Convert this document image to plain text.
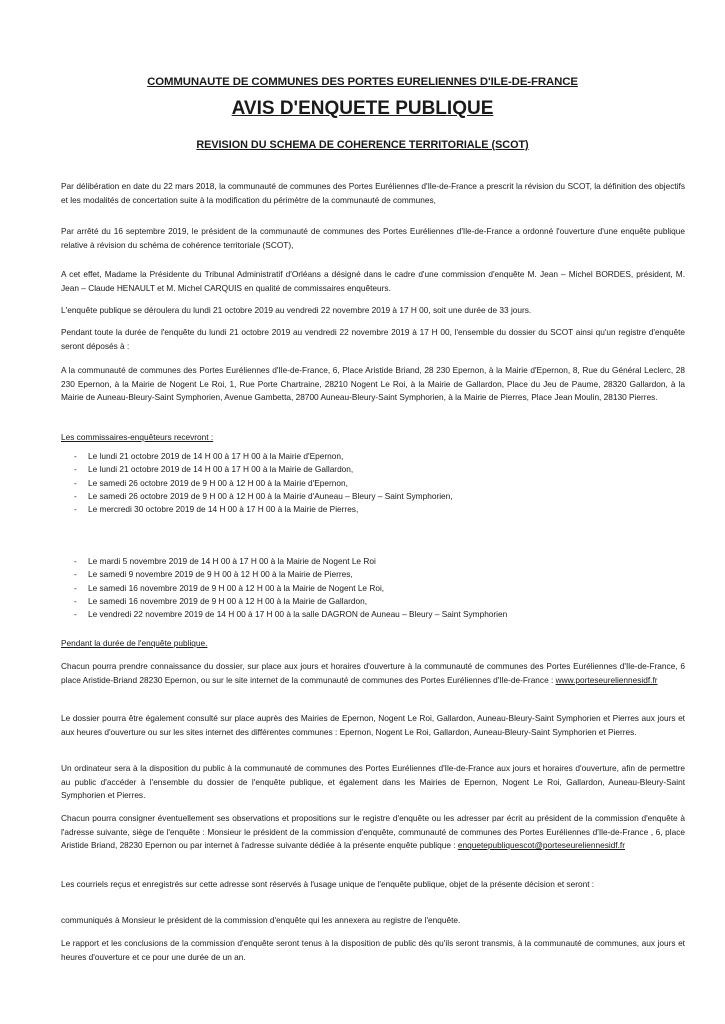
COMMUNAUTE DE COMMUNES DES PORTES EURELIENNES D'ILE-DE-FRANCE
AVIS D'ENQUETE PUBLIQUE
REVISION DU SCHEMA DE COHERENCE TERRITORIALE (SCOT)

Par délibération en date du 22 mars 2018, la communauté de communes des Portes Euréliennes d'Ile-de-France a prescrit la révision du SCOT, la définition des objectifs et les modalités de concertation suite à la modification du périmètre de la communauté de communes,

Par arrêté du 16 septembre 2019, le président de la communauté de communes des Portes Euréliennes d'Ile-de-France a ordonné l'ouverture d'une enquête publique relative à révision du schéma de cohérence territoriale (SCOT),

A cet effet, Madame la Présidente du Tribunal Administratif d'Orléans a désigné dans le cadre d'une commission d'enquête M. Jean – Michel BORDES, président, M. Jean – Claude HENAULT et M. Michel CARQUIS en qualité de commissaires enquêteurs.

L'enquête publique se déroulera du lundi 21 octobre 2019 au vendredi 22 novembre 2019 à 17 H 00, soit une durée de 33 jours.

Pendant toute la durée de l'enquête du lundi 21 octobre 2019 au vendredi 22 novembre 2019 à 17 H 00, l'ensemble du dossier du SCOT ainsi qu'un registre d'enquête seront déposés à :

A la communauté de communes des Portes Euréliennes d'Ile-de-France, 6, Place Aristide Briand, 28 230 Epernon, à la Mairie d'Epernon, 8, Rue du Général Leclerc, 28 230 Epernon, à la Mairie de Nogent Le Roi, 1, Rue Porte Chartraine, 28210 Nogent Le Roi, à la Mairie de Gallardon, Place du Jeu de Paume, 28320 Gallardon, à la Mairie de Auneau-Bleury-Saint Symphorien, Avenue Gambetta, 28700 Auneau-Bleury-Saint Symphorien, à la Mairie de Pierres, Place Jean Moulin, 28130 Pierres.

Les commissaires-enquêteurs recevront :

- Le lundi 21 octobre 2019 de 14 H 00 à 17 H 00 à la Mairie d'Epernon,
- Le lundi 21 octobre 2019 de 14 H 00 à 17 H 00 à la Mairie de Gallardon,
- Le samedi 26 octobre 2019 de 9 H 00 à 12 H 00 à la Mairie d'Epernon,
- Le samedi 26 octobre 2019 de 9 H 00 à 12 H 00 à la Mairie d'Auneau – Bleury – Saint Symphorien,
- Le mercredi 30 octobre 2019 de 14 H 00 à 17 H 00 à la Mairie de Pierres,
- Le mardi 5 novembre 2019 de 14 H 00 à 17 H 00 à la Mairie de Nogent Le Roi
- Le samedi 9 novembre 2019 de 9 H 00 à 12 H 00 à la Mairie de Pierres,
- Le samedi 16 novembre 2019 de 9 H 00 à 12 H 00 à la Mairie de Nogent Le Roi,
- Le samedi 16 novembre 2019 de 9 H 00 à 12 H 00 à la Mairie de Gallardon,
- Le vendredi 22 novembre 2019 de 14 H 00 à 17 H 00 à la salle DAGRON de Auneau – Bleury – Saint Symphorien

Pendant la durée de l'enquête publique.

Chacun pourra prendre connaissance du dossier, sur place aux jours et horaires d'ouverture à la communauté de communes des Portes Euréliennes d'Ile-de-France, 6 place Aristide-Briand 28230 Epernon, ou sur le site internet de la communauté de communes des Portes Euréliennes d'Ile-de-France : www.porteseureliennesidf.fr

Le dossier pourra être également consulté sur place auprès des Mairies de Epernon, Nogent Le Roi, Gallardon, Auneau-Bleury-Saint Symphorien et Pierres aux jours et aux heures d'ouverture ou sur les sites internet des différentes communes : Epernon, Nogent Le Roi, Gallardon, Auneau-Bleury-Saint Symphorien et Pierres.

Un ordinateur sera à la disposition du public à la communauté de communes des Portes Euréliennes d'Ile-de-France aux jours et horaires d'ouverture, afin de permettre au public d'accéder à l'ensemble du dossier de l'enquête publique, et également dans les Mairies de Epernon, Nogent Le Roi, Gallardon, Auneau-Bleury-Saint Symphorien et Pierres.

Chacun pourra consigner éventuellement ses observations et propositions sur le registre d'enquête ou les adresser par écrit au président de la commission d'enquête à l'adresse suivante, siège de l'enquête : Monsieur le président de la commission d'enquête, communauté de communes des Portes Euréliennes d'Ile-de-France , 6, place Aristide Briand, 28230 Epernon ou par internet à l'adresse suivante dédiée à la présente enquête publique : enquetepubliquescot@porteseureliennesidf.fr

Les courriels reçus et enregistrés sur cette adresse sont réservés à l'usage unique de l'enquête publique, objet de la présente décision et seront :

communiqués à Monsieur le président de la commission d'enquête qui les annexera au registre de l'enquête.

Le rapport et les conclusions de la commission d'enquête seront tenus à la disposition de public dès qu'ils seront transmis, à la communauté de communes, aux jours et heures d'ouverture et ce pour une durée de un an.
